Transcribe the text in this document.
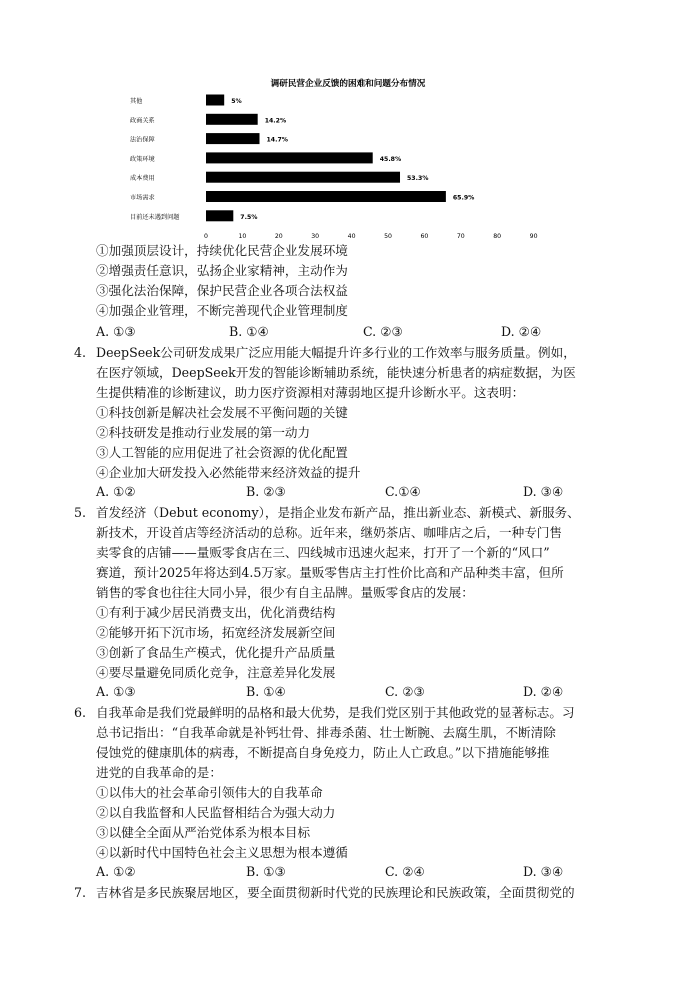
调研民营企业反馈的困难和问题分布情况
其他
政商关系
法治保障
政策环境
成本费用
市场需求
目前还未遇到问题
5%
14.2%
14.7%
45.8%
53.3%
65.9%
7.5%
0	10	20	30	40	50	60	70	80	90
①加强顶层设计，持续优化民营企业发展环境
②增强责任意识，弘扬企业家精神，主动作为
③强化法治保障，保护民营企业各项合法权益
④加强企业管理，不断完善现代企业管理制度
A. ①③	B. ①④	C. ②③	D. ②④
4. DeepSeek公司研发成果广泛应用能大幅提升许多行业的工作效率与服务质量。例如，
在医疗领域，DeepSeek开发的智能诊断辅助系统，能快速分析患者的病症数据，为医
生提供精准的诊断建议，助力医疗资源相对薄弱地区提升诊断水平。这表明：
①科技创新是解决社会发展不平衡问题的关键
②科技研发是推动行业发展的第一动力
③人工智能的应用促进了社会资源的优化配置
④企业加大研发投入必然能带来经济效益的提升
A. ①②	B. ②③	C.①④	D. ③④
5. 首发经济（Debut economy），是指企业发布新产品，推出新业态、新模式、新服务、
新技术，开设首店等经济活动的总称。近年来，继奶茶店、咖啡店之后，一种专门售
卖零食的店铺——量贩零食店在三、四线城市迅速火起来，打开了一个新的“风口”
赛道，预计2025年将达到4.5万家。量贩零售店主打性价比高和产品种类丰富，但所
销售的零食也往往大同小异，很少有自主品牌。量贩零食店的发展：
①有利于减少居民消费支出，优化消费结构
②能够开拓下沉市场，拓宽经济发展新空间
③创新了食品生产模式，优化提升产品质量
④要尽量避免同质化竞争，注意差异化发展
A. ①③	B. ①④	C. ②③	D. ②④
6. 自我革命是我们党最鲜明的品格和最大优势，是我们党区别于其他政党的显著标志。习
总书记指出：“自我革命就是补钙壮骨、排毒杀菌、壮士断腕、去腐生肌，不断清除
侵蚀党的健康肌体的病毒，不断提高自身免疫力，防止人亡政息。”以下措施能够推
进党的自我革命的是：
①以伟大的社会革命引领伟大的自我革命
②以自我监督和人民监督相结合为强大动力
③以健全全面从严治党体系为根本目标
④以新时代中国特色社会主义思想为根本遵循
A. ①②	B. ①③	C. ②④	D. ③④
7. 吉林省是多民族聚居地区，要全面贯彻新时代党的民族理论和民族政策，全面贯彻党的
